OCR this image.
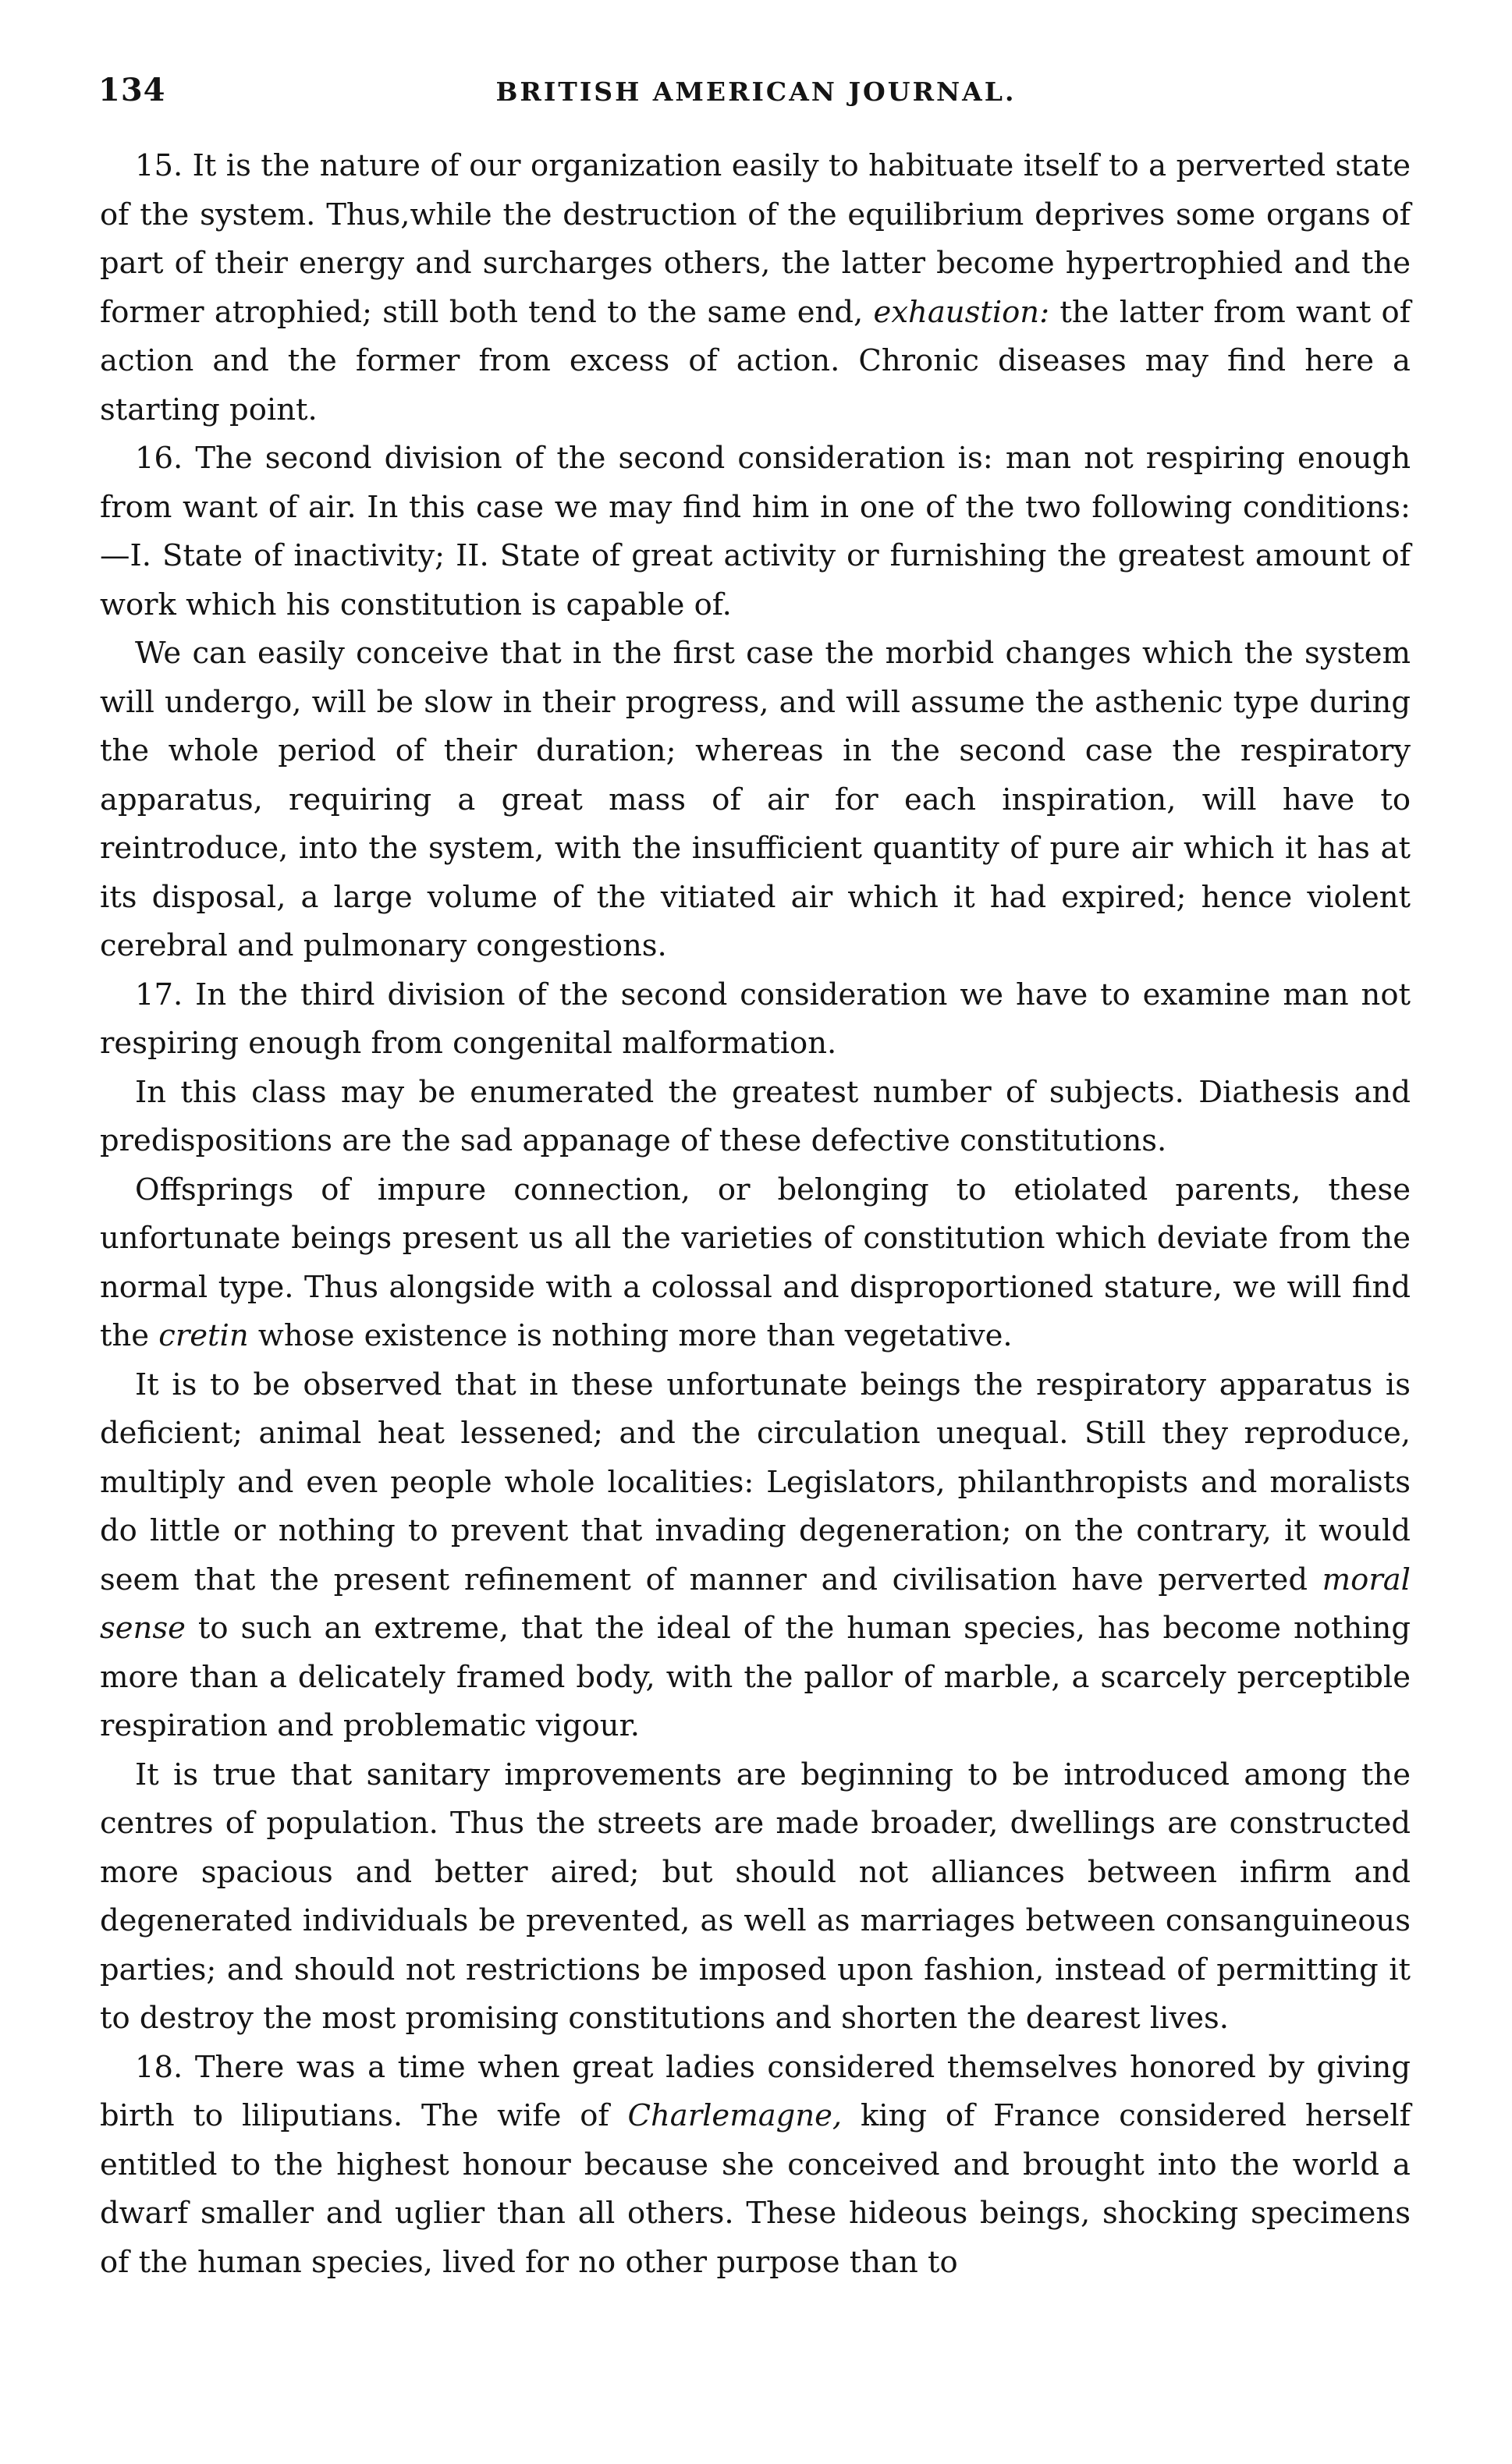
134	BRITISH AMERICAN JOURNAL.

15. It is the nature of our organization easily to habituate itself to a perverted state of the system. Thus,while the destruction of the equilibrium deprives some organs of part of their energy and surcharges others, the latter become hypertrophied and the former atrophied; still both tend to the same end, exhaustion: the latter from want of action and the former from excess of action. Chronic diseases may find here a starting point.

16. The second division of the second consideration is: man not respiring enough from want of air. In this case we may find him in one of the two following conditions:—I. State of inactivity; II. State of great activity or furnishing the greatest amount of work which his constitution is capable of.

We can easily conceive that in the first case the morbid changes which the system will undergo, will be slow in their progress, and will assume the asthenic type during the whole period of their duration; whereas in the second case the respiratory apparatus, requiring a great mass of air for each inspiration, will have to reintroduce, into the system, with the insufficient quantity of pure air which it has at its disposal, a large volume of the vitiated air which it had expired; hence violent cerebral and pulmonary congestions.

17. In the third division of the second consideration we have to examine man not respiring enough from congenital malformation.

In this class may be enumerated the greatest number of subjects. Diathesis and predispositions are the sad appanage of these defective constitutions.

Offsprings of impure connection, or belonging to etiolated parents, these unfortunate beings present us all the varieties of constitution which deviate from the normal type. Thus alongside with a colossal and disproportioned stature, we will find the cretin whose existence is nothing more than vegetative.

It is to be observed that in these unfortunate beings the respiratory apparatus is deficient; animal heat lessened; and the circulation unequal. Still they reproduce, multiply and even people whole localities: Legislators, philanthropists and moralists do little or nothing to prevent that invading degeneration; on the contrary, it would seem that the present refinement of manner and civilisation have perverted moral sense to such an extreme, that the ideal of the human species, has become nothing more than a delicately framed body, with the pallor of marble, a scarcely perceptible respiration and problematic vigour.

It is true that sanitary improvements are beginning to be introduced among the centres of population. Thus the streets are made broader, dwellings are constructed more spacious and better aired; but should not alliances between infirm and degenerated individuals be prevented, as well as marriages between consanguineous parties; and should not restrictions be imposed upon fashion, instead of permitting it to destroy the most promising constitutions and shorten the dearest lives.

18. There was a time when great ladies considered themselves honored by giving birth to liliputians. The wife of Charlemagne, king of France considered herself entitled to the highest honour because she conceived and brought into the world a dwarf smaller and uglier than all others. These hideous beings, shocking specimens of the human species, lived for no other purpose than to
